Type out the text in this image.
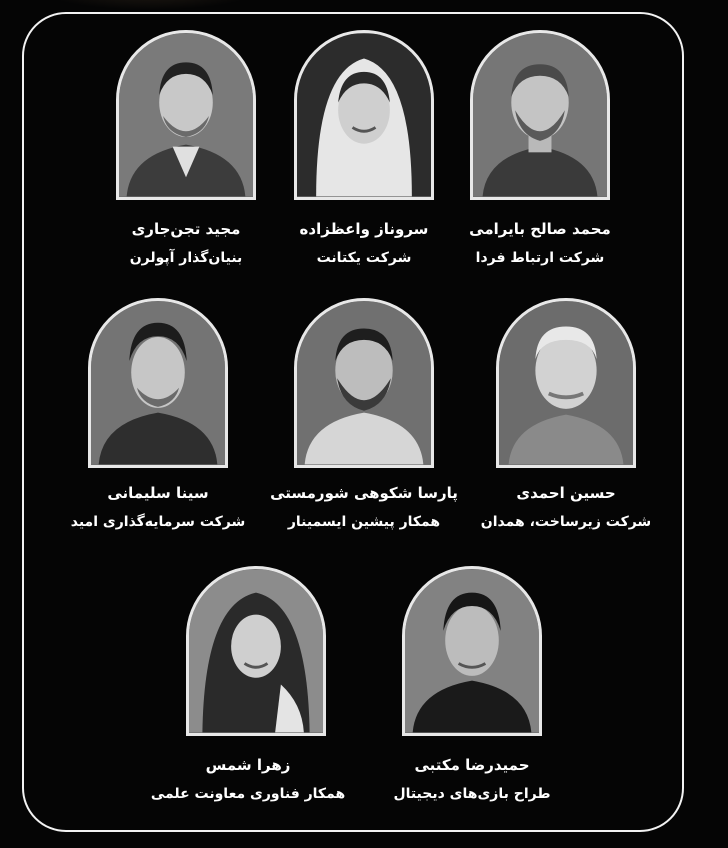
محمد صالح بایرامی
شرکت ارتباط فردا
سروناز واعظزاده
شرکت یکتانت
مجید تجن‌جاری
بنیان‌گذار آپولرن
حسین احمدی
شرکت زیرساخت، همدان
پارسا شکوهی شورمستی
همکار پیشین ایسمینار
سینا سلیمانی
شرکت سرمایه‌گذاری امید
حمیدرضا مکتبی
طراح بازی‌های دیجیتال
زهرا شمس
همکار فناوری معاونت علمی
